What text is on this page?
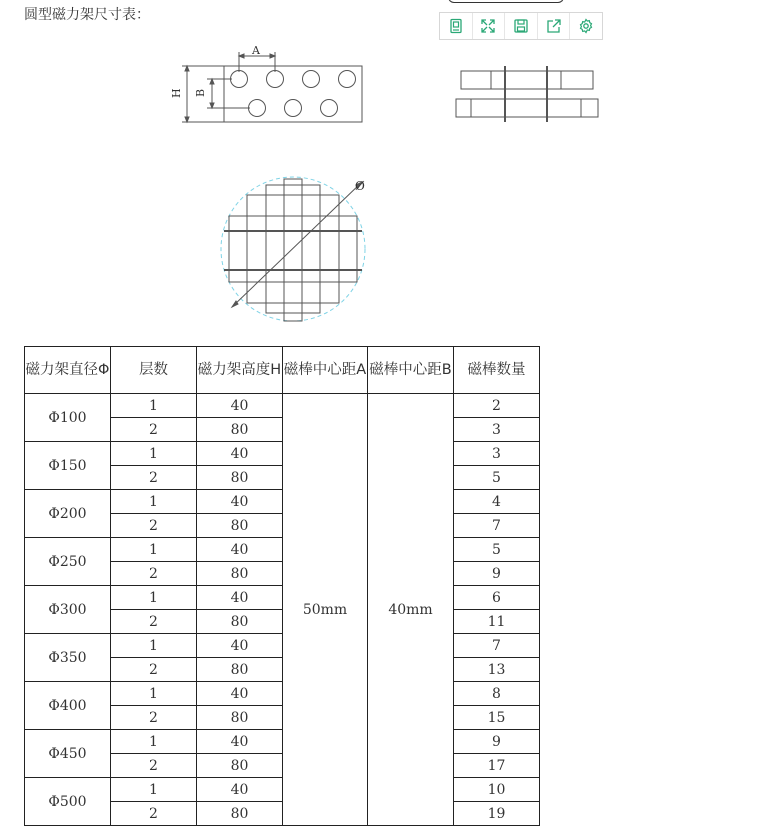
圆型磁力架尺寸表：
A
H B
Ø
磁力架直径Φ	层数	磁力架高度H	磁棒中心距A	磁棒中心距B	磁棒数量
Φ100	1	40	50mm	40mm	2
	2	80			3
Φ150	1	40			3
	2	80			5
Φ200	1	40			4
	2	80			7
Φ250	1	40			5
	2	80			9
Φ300	1	40			6
	2	80			11
Φ350	1	40			7
	2	80			13
Φ400	1	40			8
	2	80			15
Φ450	1	40			9
	2	80			17
Φ500	1	40			10
	2	80			19
